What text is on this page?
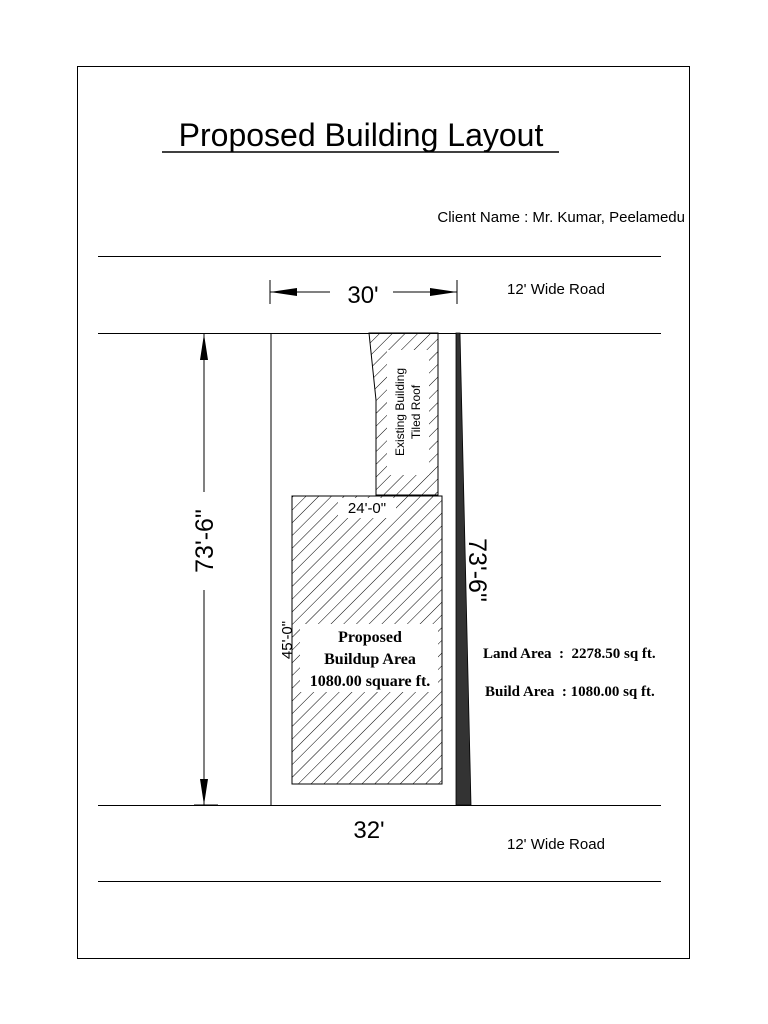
Proposed Building Layout
Client Name : Mr. Kumar, Peelamedu
12' Wide Road
12' Wide Road
30'
Existing Building Tiled Roof
24'-0"
Proposed
Buildup Area
1080.00 square ft.
45'-0"
73'-6"	73'-6"
32'
Land Area  :  2278.50 sq ft.
Build Area  : 1080.00 sq ft.
